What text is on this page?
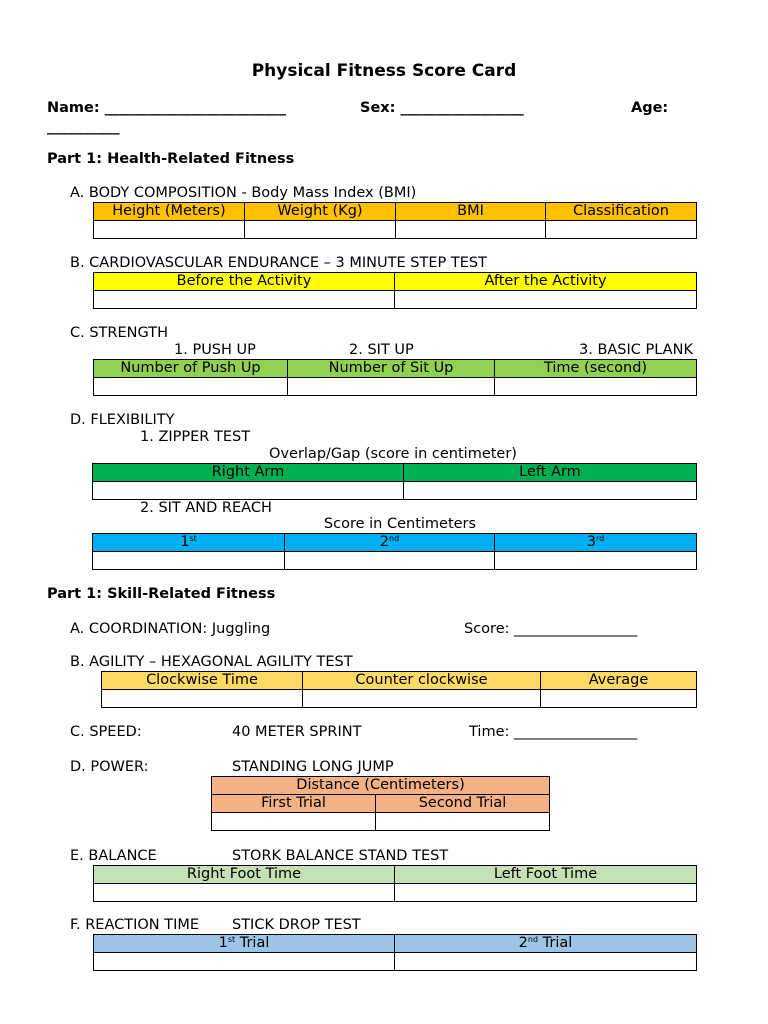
Physical Fitness Score Card
Name: _________________________	Sex: _________________	Age:
__________
Part 1: Health-Related Fitness
A. BODY COMPOSITION - Body Mass Index (BMI)
Height (Meters)	Weight (Kg)	BMI	Classification

B. CARDIOVASCULAR ENDURANCE – 3 MINUTE STEP TEST
Before the Activity	After the Activity

C. STRENGTH
1. PUSH UP	2. SIT UP	3. BASIC PLANK
Number of Push Up	Number of Sit Up	Time (second)

D. FLEXIBILITY
1. ZIPPER TEST
Overlap/Gap (score in centimeter)
Right Arm	Left Arm

2. SIT AND REACH
Score in Centimeters
1st	2nd	3rd

Part 1: Skill-Related Fitness
A. COORDINATION: Juggling	Score: _________________
B. AGILITY – HEXAGONAL AGILITY TEST
Clockwise Time	Counter clockwise	Average

C. SPEED:	40 METER SPRINT	Time: _________________
D. POWER:	STANDING LONG JUMP
Distance (Centimeters)	
First Trial	Second Trial

E. BALANCE	STORK BALANCE STAND TEST
Right Foot Time	Left Foot Time

F. REACTION TIME STICK DROP TEST
1st Trial	2nd Trial
